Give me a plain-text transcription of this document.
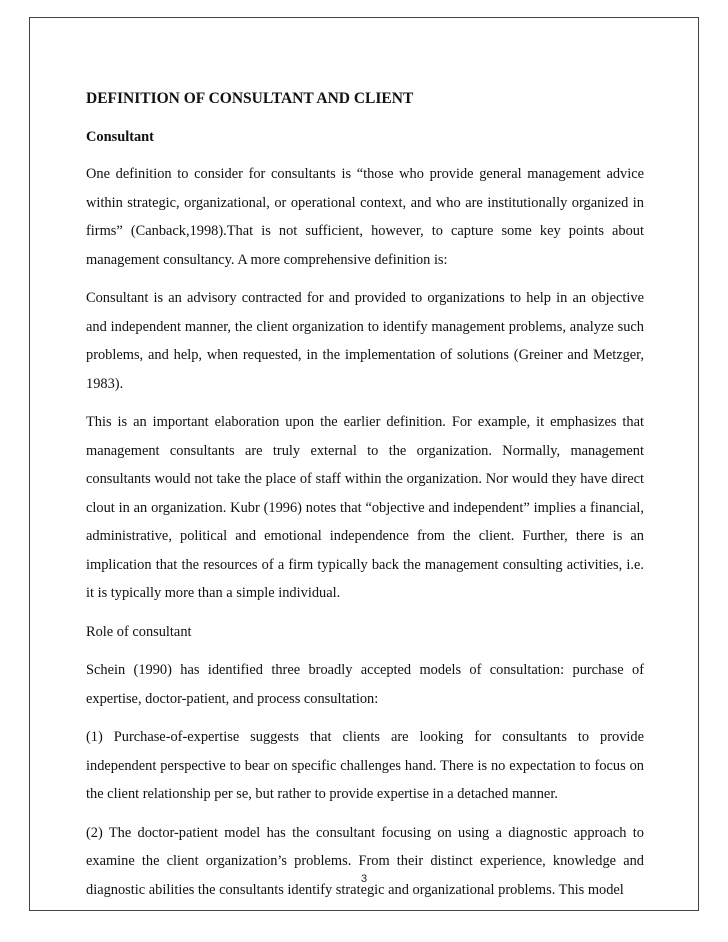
DEFINITION OF CONSULTANT AND CLIENT
Consultant

One definition to consider for consultants is “those who provide general management advice within strategic, organizational, or operational context, and who are institutionally organized in firms” (Canback,1998).That is not sufficient, however, to capture some key points about management consultancy. A more comprehensive definition is:

Consultant is an advisory contracted for and provided to organizations to help in an objective and independent manner, the client organization to identify management problems, analyze such problems, and help, when requested, in the implementation of solutions (Greiner and Metzger, 1983).

This is an important elaboration upon the earlier definition. For example, it emphasizes that management consultants are truly external to the organization. Normally, management consultants would not take the place of staff within the organization. Nor would they have direct clout in an organization. Kubr (1996) notes that “objective and independent” implies a financial, administrative, political and emotional independence from the client. Further, there is an implication that the resources of a firm typically back the management consulting activities, i.e. it is typically more than a simple individual.

Role of consultant

Schein (1990) has identified three broadly accepted models of consultation: purchase of expertise, doctor-patient, and process consultation:

(1) Purchase-of-expertise suggests that clients are looking for consultants to provide independent perspective to bear on specific challenges hand. There is no expectation to focus on the client relationship per se, but rather to provide expertise in a detached manner.

(2) The doctor-patient model has the consultant focusing on using a diagnostic approach to examine the client organization’s problems. From their distinct experience, knowledge and diagnostic abilities the consultants identify strategic and organizational problems. This model

3
